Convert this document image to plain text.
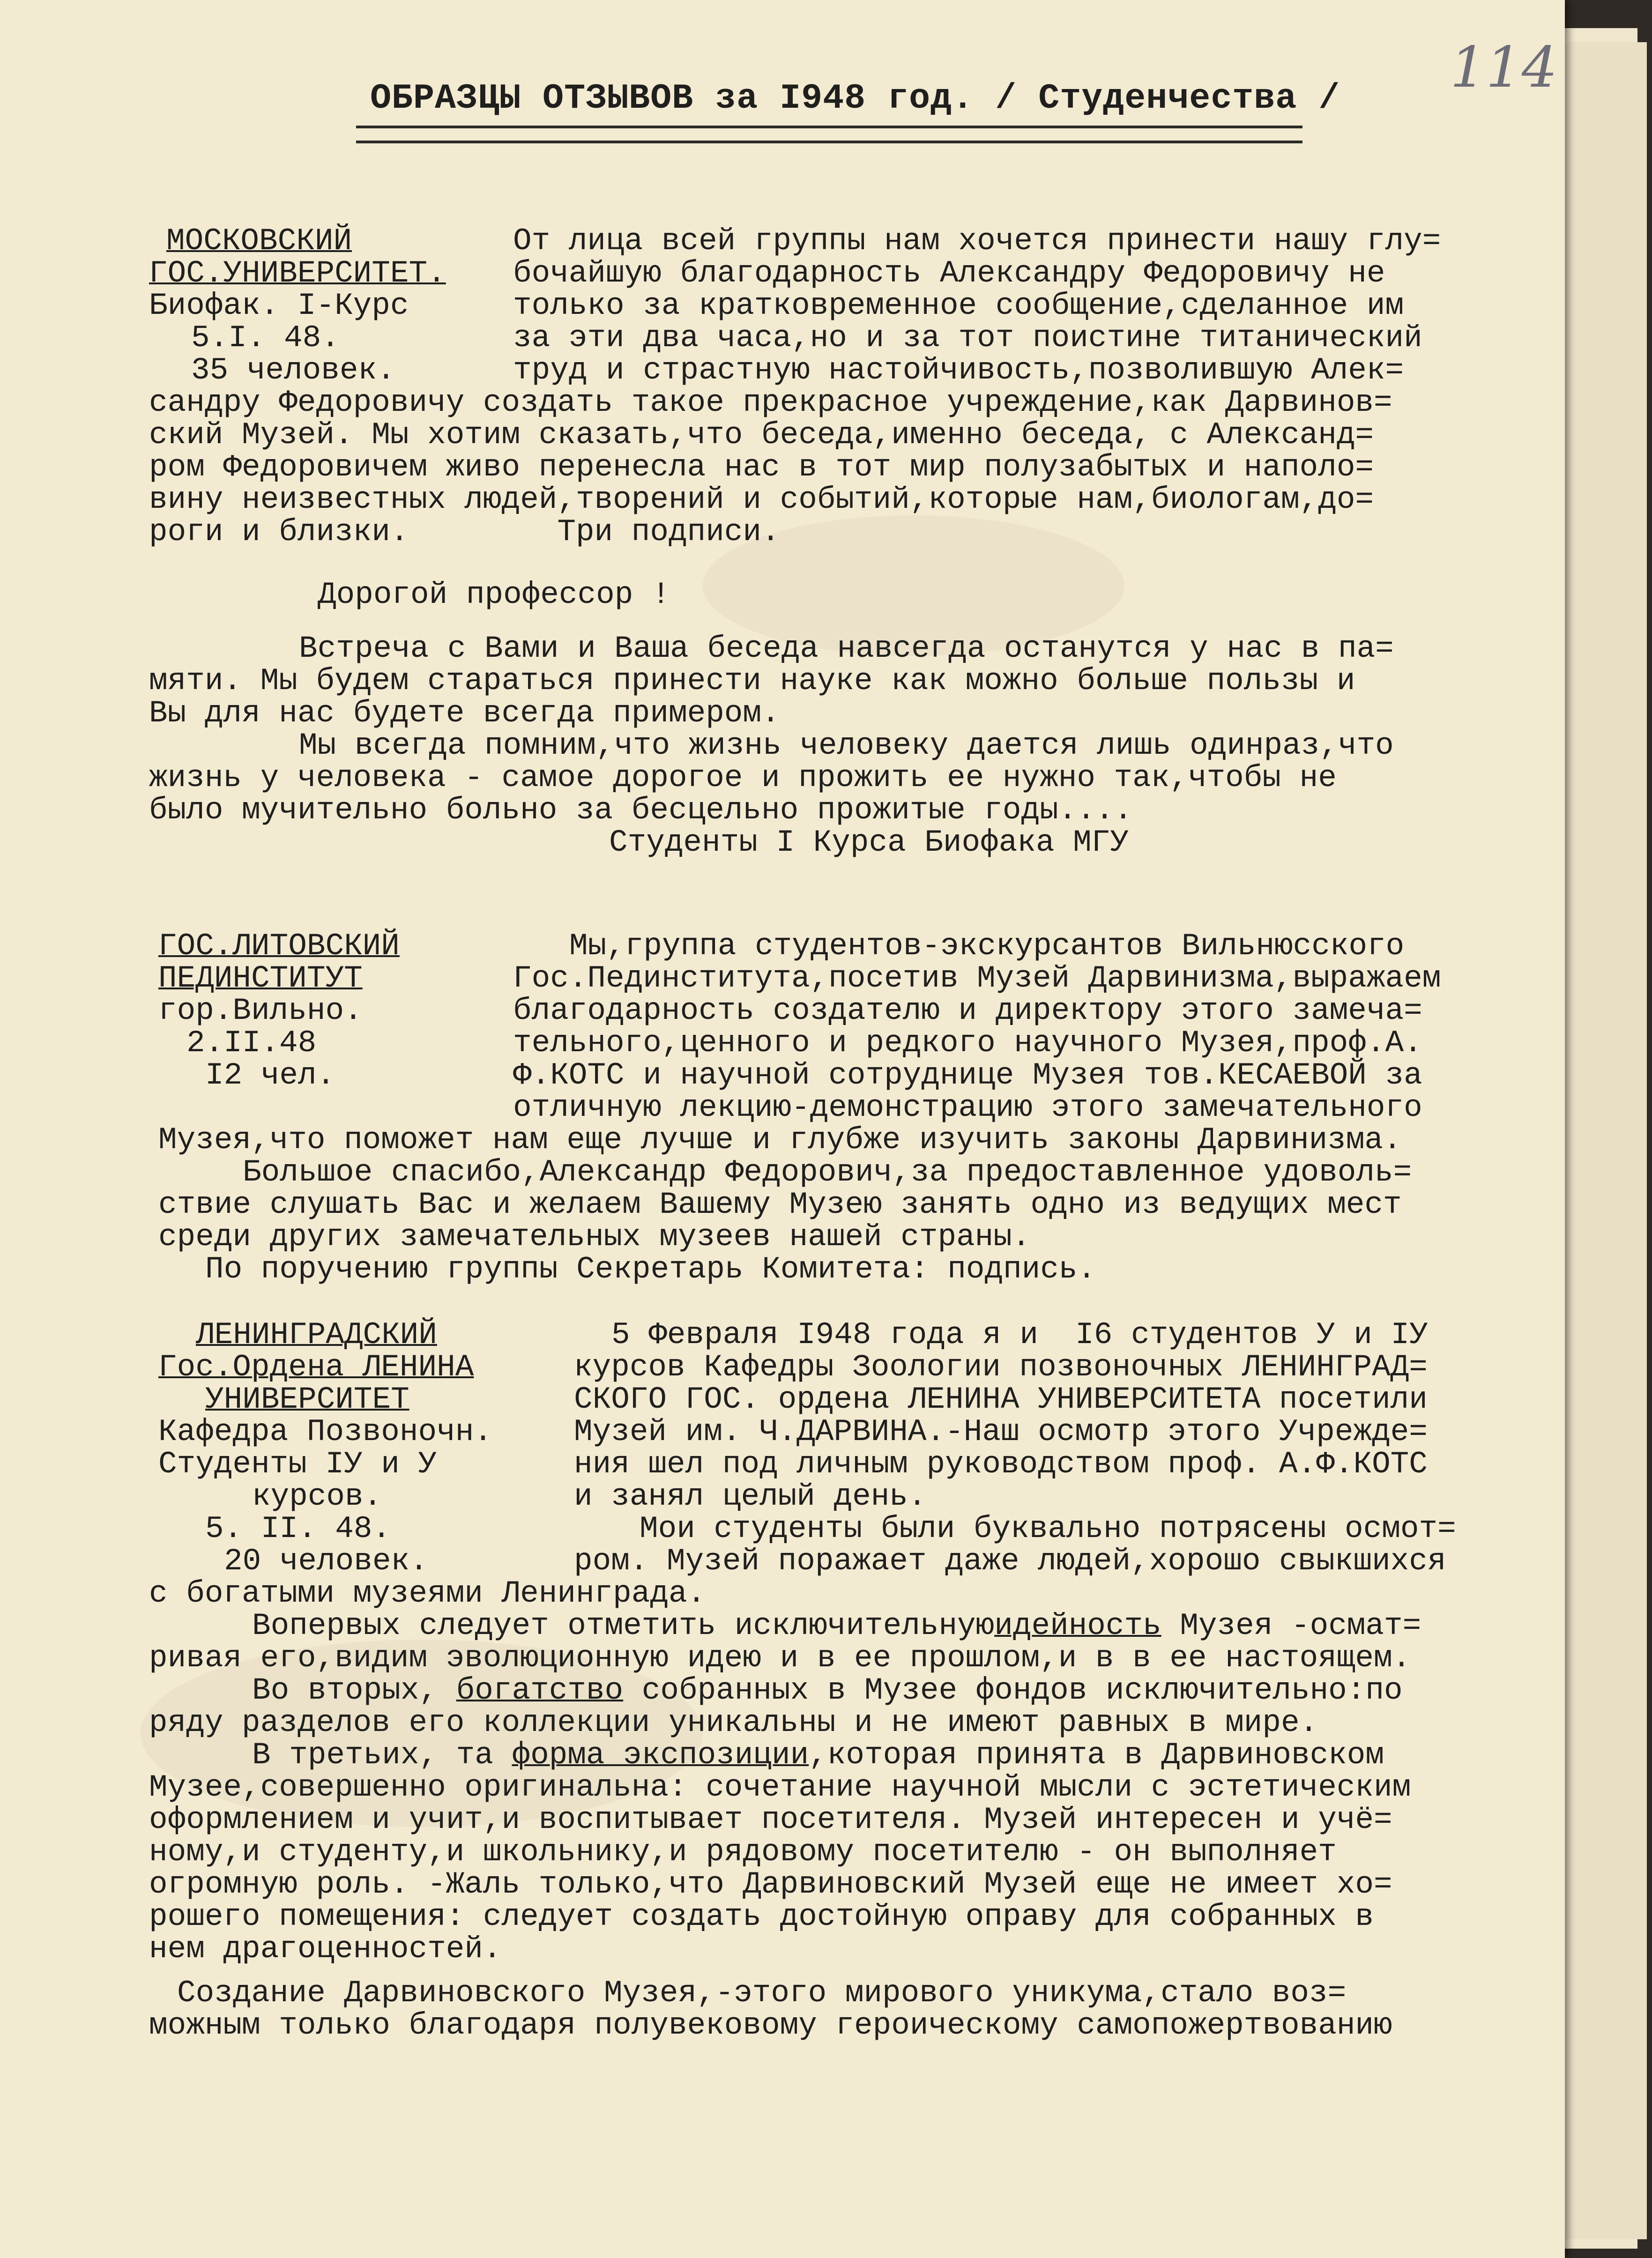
114
ОБРАЗЦЫ ОТЗЫВОВ за I948 год. / Студенчества /
МОСКОВСКИЙ
ГОС.УНИВЕРСИТЕТ.
Биофак. I-Курс
5.I. 48.
35 человек.
От лица всей группы нам хочется принести нашу глу=
бочайшую благодарность Александру Федоровичу не
только за кратковременное сообщение,сделанное им
за эти два часа,но и за тот поистине титанический
труд и страстную настойчивость,позволившую Алек=
сандру Федоровичу создать такое прекрасное учреждение,как Дарвинов=
ский Музей. Мы хотим сказать,что беседа,именно беседа, с Александ=
ром Федоровичем живо перенесла нас в тот мир полузабытых и наполо=
вину неизвестных людей,творений и событий,которые нам,биологам,до=
роги и близки.        Три подписи.
Дорогой профессор !
Встреча с Вами и Ваша беседа навсегда останутся у нас в па=
мяти. Мы будем стараться принести науке как можно больше пользы и
Вы для нас будете всегда примером.
Мы всегда помним,что жизнь человеку дается лишь одинраз,что
жизнь у человека - самое дорогое и прожить ее нужно так,чтобы не
было мучительно больно за бесцельно прожитые годы....
Студенты I Курса Биофака МГУ
ГОС.ЛИТОВСКИЙ
ПЕДИНСТИТУТ
гор.Вильно.
2.II.48
I2 чел.
Мы,группа студентов-экскурсантов Вильнюсского
Гос.Пединститута,посетив Музей Дарвинизма,выражаем
благодарность создателю и директору этого замеча=
тельного,ценного и редкого научного Музея,проф.А.
Ф.КОТС и научной сотруднице Музея тов.КЕСАЕВОЙ за
отличную лекцию-демонстрацию этого замечательного
Музея,что поможет нам еще лучше и глубже изучить законы Дарвинизма.
Большое спасибо,Александр Федорович,за предоставленное удоволь=
ствие слушать Вас и желаем Вашему Музею занять одно из ведущих мест
среди других замечательных музеев нашей страны.
По поручению группы Секретарь Комитета: подпись.
ЛЕНИНГРАДСКИЙ
Гос.Ордена ЛЕНИНА
УНИВЕРСИТЕТ
Кафедра Позвоночн.
Студенты IУ и У
курсов.
5. II. 48.
20 человек.
5 Февраля I948 года я и  I6 студентов У и IУ
курсов Кафедры Зоологии позвоночных ЛЕНИНГРАД=
СКОГО ГОС. ордена ЛЕНИНА УНИВЕРСИТЕТА посетили
Музей им. Ч.ДАРВИНА.-Наш осмотр этого Учрежде=
ния шел под личным руководством проф. А.Ф.КОТС
и занял целый день.
Мои студенты были буквально потрясены осмот=
ром. Музей поражает даже людей,хорошо свыкшихся
с богатыми музеями Ленинграда.
Вопервых следует отметить исключительнуюидейность Музея -осмат=
ривая его,видим эволюционную идею и в ее прошлом,и в в ее настоящем.
Во вторых, богатство собранных в Музее фондов исключительно:по
ряду разделов его коллекции уникальны и не имеют равных в мире.
В третьих, та форма экспозиции,которая принята в Дарвиновском
Музее,совершенно оригинальна: сочетание научной мысли с эстетическим
оформлением и учит,и воспитывает посетителя. Музей интересен и учё=
ному,и студенту,и школьнику,и рядовому посетителю - он выполняет
огромную роль. -Жаль только,что Дарвиновский Музей еще не имеет хо=
рошего помещения: следует создать достойную оправу для собранных в
нем драгоценностей.
Создание Дарвиновского Музея,-этого мирового уникума,стало воз=
можным только благодаря полувековому героическому самопожертвованию
